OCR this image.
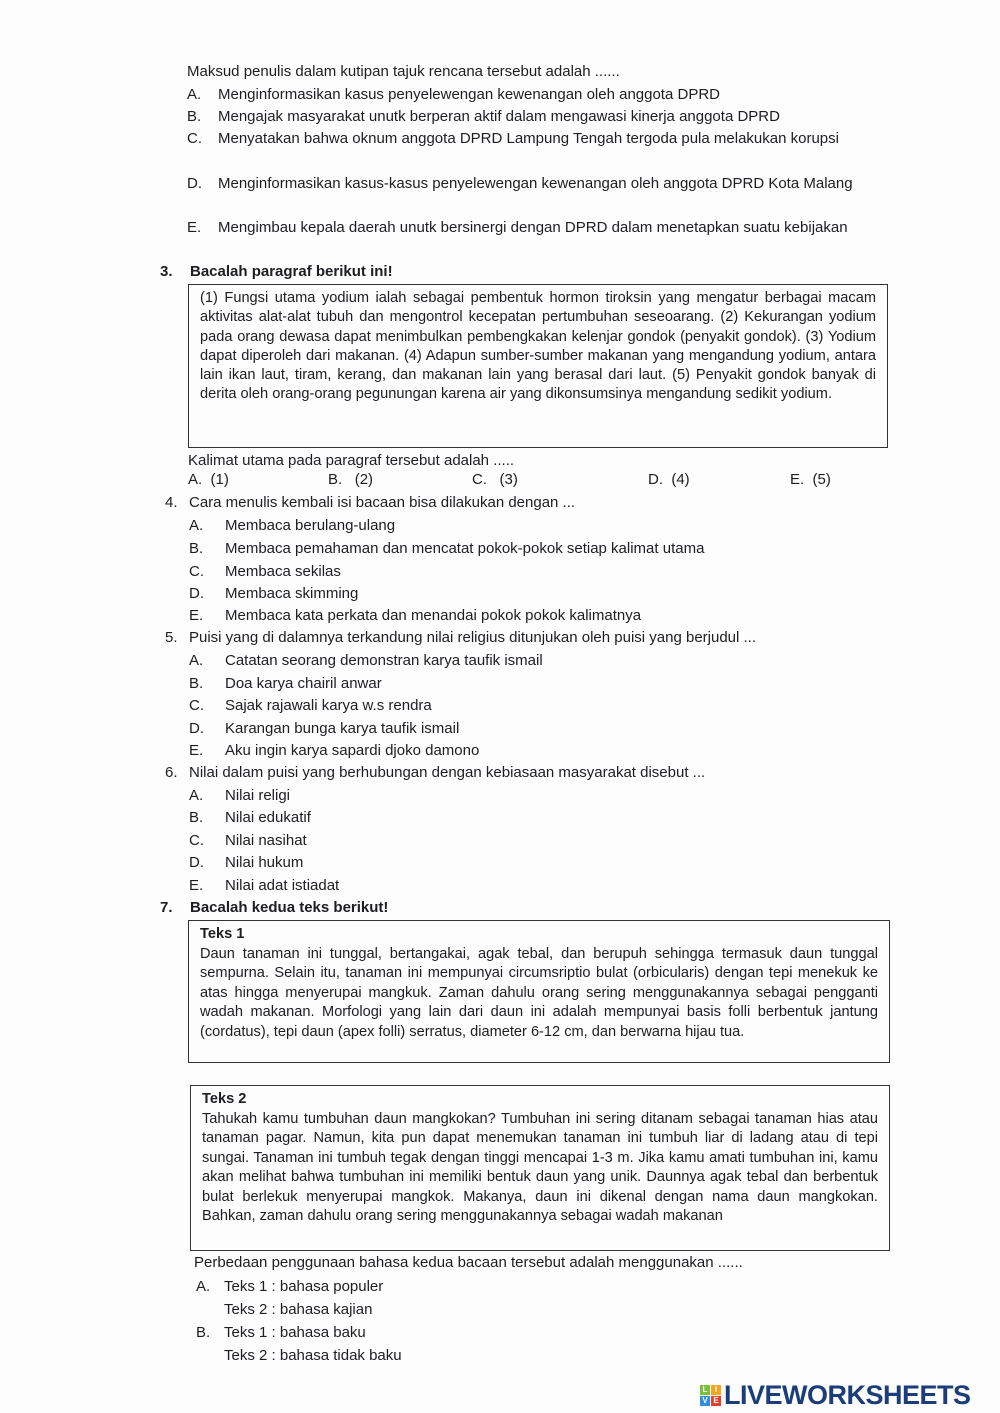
Maksud penulis dalam kutipan tajuk rencana tersebut adalah ......
A. Menginformasikan kasus penyelewengan kewenangan oleh anggota DPRD
B. Mengajak masyarakat unutk berperan aktif dalam mengawasi kinerja anggota DPRD
C. Menyatakan bahwa oknum anggota DPRD Lampung Tengah tergoda pula melakukan korupsi
D. Menginformasikan kasus-kasus penyelewengan kewenangan oleh anggota DPRD Kota Malang
E. Mengimbau kepala daerah unutk bersinergi dengan DPRD dalam menetapkan suatu kebijakan
3. Bacalah paragraf berikut ini!
(1) Fungsi utama yodium ialah sebagai pembentuk hormon tiroksin yang mengatur berbagai macam aktivitas alat-alat tubuh dan mengontrol kecepatan pertumbuhan seseoarang. (2) Kekurangan yodium pada orang dewasa dapat menimbulkan pembengkakan kelenjar gondok (penyakit gondok). (3) Yodium dapat diperoleh dari makanan. (4) Adapun sumber-sumber makanan yang mengandung yodium, antara lain ikan laut, tiram, kerang, dan makanan lain yang berasal dari laut. (5) Penyakit gondok banyak di derita oleh orang-orang pegunungan karena air yang dikonsumsinya mengandung sedikit yodium.
Kalimat utama pada paragraf tersebut adalah .....
A. (1)	B. (2)	C. (3)	D. (4)	E. (5)
4. Cara menulis kembali isi bacaan bisa dilakukan dengan ...
A. Membaca berulang-ulang
B. Membaca pemahaman dan mencatat pokok-pokok setiap kalimat utama
C. Membaca sekilas
D. Membaca skimming
E. Membaca kata perkata dan menandai pokok pokok kalimatnya
5. Puisi yang di dalamnya terkandung nilai religius ditunjukan oleh puisi yang berjudul ...
A. Catatan seorang demonstran karya taufik ismail
B. Doa karya chairil anwar
C. Sajak rajawali karya w.s rendra
D. Karangan bunga karya taufik ismail
E. Aku ingin karya sapardi djoko damono
6. Nilai dalam puisi yang berhubungan dengan kebiasaan masyarakat disebut ...
A. Nilai religi
B. Nilai edukatif
C. Nilai nasihat
D. Nilai hukum
E. Nilai adat istiadat
7. Bacalah kedua teks berikut!
Teks 1
Daun tanaman ini tunggal, bertangakai, agak tebal, dan berupuh sehingga termasuk daun tunggal sempurna. Selain itu, tanaman ini mempunyai circumsriptio bulat (orbicularis) dengan tepi menekuk ke atas hingga menyerupai mangkuk. Zaman dahulu orang sering menggunakannya sebagai pengganti wadah makanan. Morfologi yang lain dari daun ini adalah mempunyai basis folli berbentuk jantung (cordatus), tepi daun (apex folli) serratus, diameter 6-12 cm, dan berwarna hijau tua.
Teks 2
Tahukah kamu tumbuhan daun mangkokan? Tumbuhan ini sering ditanam sebagai tanaman hias atau tanaman pagar. Namun, kita pun dapat menemukan tanaman ini tumbuh liar di ladang atau di tepi sungai. Tanaman ini tumbuh tegak dengan tinggi mencapai 1-3 m. Jika kamu amati tumbuhan ini, kamu akan melihat bahwa tumbuhan ini memiliki bentuk daun yang unik. Daunnya agak tebal dan berbentuk bulat berlekuk menyerupai mangkok. Makanya, daun ini dikenal dengan nama daun mangkokan. Bahkan, zaman dahulu orang sering menggunakannya sebagai wadah makanan
Perbedaan penggunaan bahasa kedua bacaan tersebut adalah menggunakan ......
A. Teks 1 : bahasa populer
Teks 2 : bahasa kajian
B. Teks 1 : bahasa baku
Teks 2 : bahasa tidak baku
L I
V E LIVEWORKSHEETS
